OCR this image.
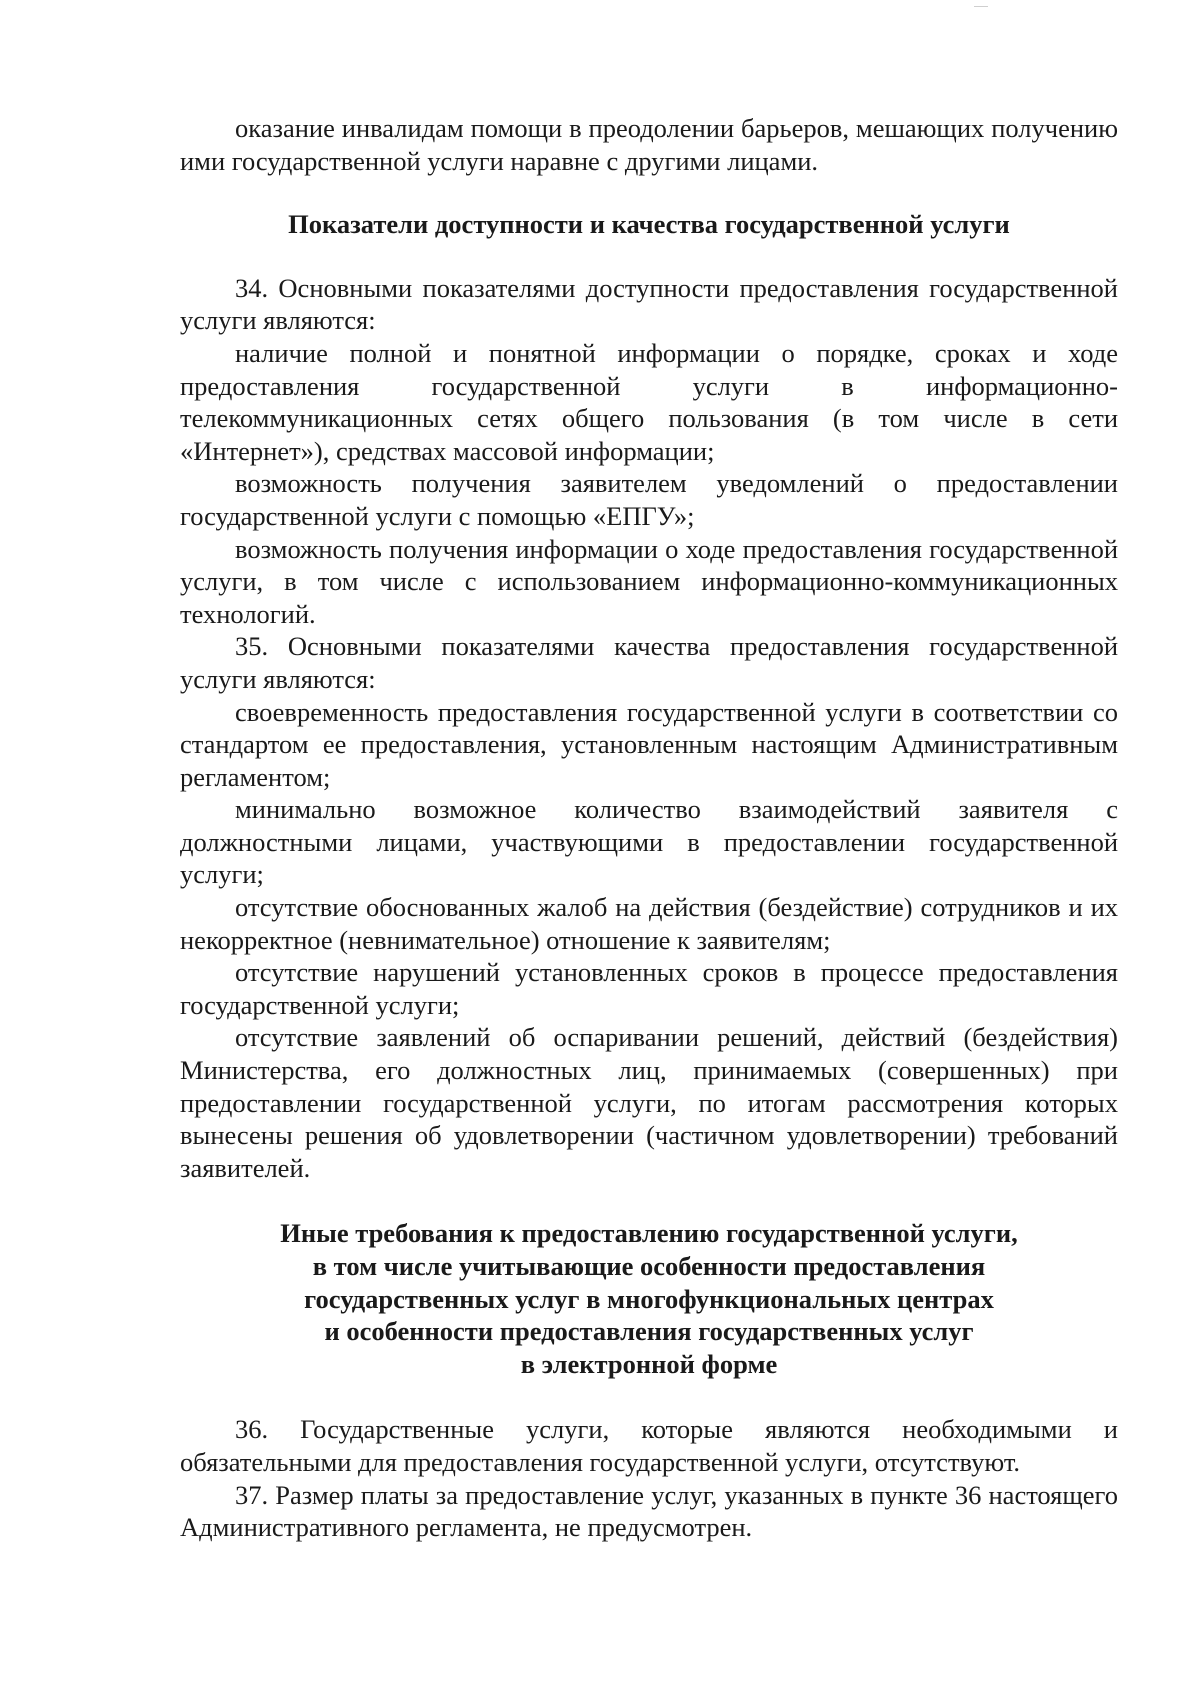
оказание инвалидам помощи в преодолении барьеров, мешающих получению ими государственной услуги наравне с другими лицами.

Показатели доступности и качества государственной услуги

34. Основными показателями доступности предоставления государственной услуги являются:

наличие полной и понятной информации о порядке, сроках и ходе предоставления государственной услуги в информационно-телекоммуникационных сетях общего пользования (в том числе в сети «Интернет»), средствах массовой информации;

возможность получения заявителем уведомлений о предоставлении государственной услуги с помощью «ЕПГУ»;

возможность получения информации о ходе предоставления государственной услуги, в том числе с использованием информационно-коммуникационных технологий.

35. Основными показателями качества предоставления государственной услуги являются:

своевременность предоставления государственной услуги в соответствии со стандартом ее предоставления, установленным настоящим Административным регламентом;

минимально возможное количество взаимодействий заявителя с должностными лицами, участвующими в предоставлении государственной услуги;

отсутствие обоснованных жалоб на действия (бездействие) сотрудников и их некорректное (невнимательное) отношение к заявителям;

отсутствие нарушений установленных сроков в процессе предоставления государственной услуги;

отсутствие заявлений об оспаривании решений, действий (бездействия) Министерства, его должностных лиц, принимаемых (совершенных) при предоставлении государственной услуги, по итогам рассмотрения которых вынесены решения об удовлетворении (частичном удовлетворении) требований заявителей.

Иные требования к предоставлению государственной услуги,
в том числе учитывающие особенности предоставления
государственных услуг в многофункциональных центрах
и особенности предоставления государственных услуг
в электронной форме

36. Государственные услуги, которые являются необходимыми и обязательными для предоставления государственной услуги, отсутствуют.

37. Размер платы за предоставление услуг, указанных в пункте 36 настоящего Административного регламента, не предусмотрен.
